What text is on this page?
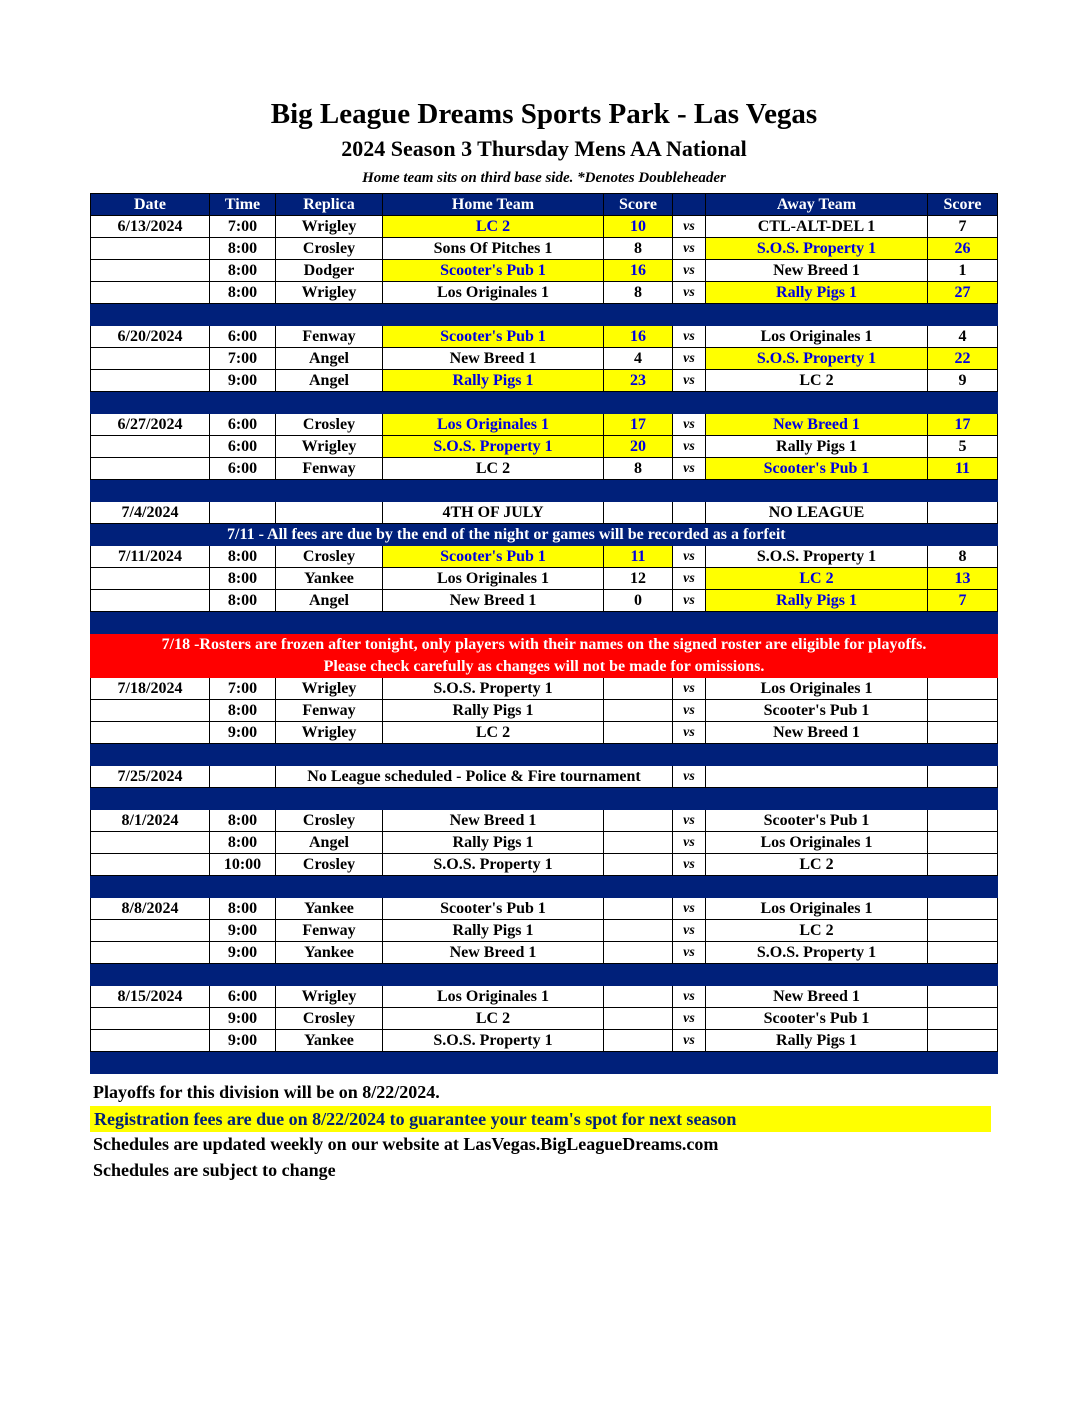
Big League Dreams Sports Park - Las Vegas
2024 Season 3 Thursday Mens AA National
Home team sits on third base side. *Denotes Doubleheader
Date	Time	Replica	Home Team	Score		Away Team	Score
6/13/2024	7:00	Wrigley	LC 2	10	vs	CTL-ALT-DEL 1	7
	8:00	Crosley	Sons Of Pitches 1	8	vs	S.O.S. Property 1	26
	8:00	Dodger	Scooter's Pub 1	16	vs	New Breed 1	1
	8:00	Wrigley	Los Originales 1	8	vs	Rally Pigs 1	27

6/20/2024	6:00	Fenway	Scooter's Pub 1	16	vs	Los Originales 1	4
	7:00	Angel	New Breed 1	4	vs	S.O.S. Property 1	22
	9:00	Angel	Rally Pigs 1	23	vs	LC 2	9

6/27/2024	6:00	Crosley	Los Originales 1	17	vs	New Breed 1	17
	6:00	Wrigley	S.O.S. Property 1	20	vs	Rally Pigs 1	5
	6:00	Fenway	LC 2	8	vs	Scooter's Pub 1	11

7/4/2024			4TH OF JULY			NO LEAGUE	
7/11 - All fees are due by the end of the night or games will be recorded as a forfeit							
7/11/2024	8:00	Crosley	Scooter's Pub 1	11	vs	S.O.S. Property 1	8
	8:00	Yankee	Los Originales 1	12	vs	LC 2	13
	8:00	Angel	New Breed 1	0	vs	Rally Pigs 1	7

7/18 -Rosters are frozen after tonight, only players with their names on the signed roster are eligible for playoffs.							
Please check carefully as changes will not be made for omissions.							
7/18/2024	7:00	Wrigley	S.O.S. Property 1		vs	Los Originales 1	
	8:00	Fenway	Rally Pigs 1		vs	Scooter's Pub 1	
	9:00	Wrigley	LC 2		vs	New Breed 1	

7/25/2024		No League scheduled - Police & Fire tournament			vs		

8/1/2024	8:00	Crosley	New Breed 1		vs	Scooter's Pub 1	
	8:00	Angel	Rally Pigs 1		vs	Los Originales 1	
	10:00	Crosley	S.O.S. Property 1		vs	LC 2	

8/8/2024	8:00	Yankee	Scooter's Pub 1		vs	Los Originales 1	
	9:00	Fenway	Rally Pigs 1		vs	LC 2	
	9:00	Yankee	New Breed 1		vs	S.O.S. Property 1	

8/15/2024	6:00	Wrigley	Los Originales 1		vs	New Breed 1	
	9:00	Crosley	LC 2		vs	Scooter's Pub 1	
	9:00	Yankee	S.O.S. Property 1		vs	Rally Pigs 1	

Playoffs for this division will be on 8/22/2024.
Registration fees are due on 8/22/2024 to guarantee your team's spot for next season
Schedules are updated weekly on our website at LasVegas.BigLeagueDreams.com
Schedules are subject to change
